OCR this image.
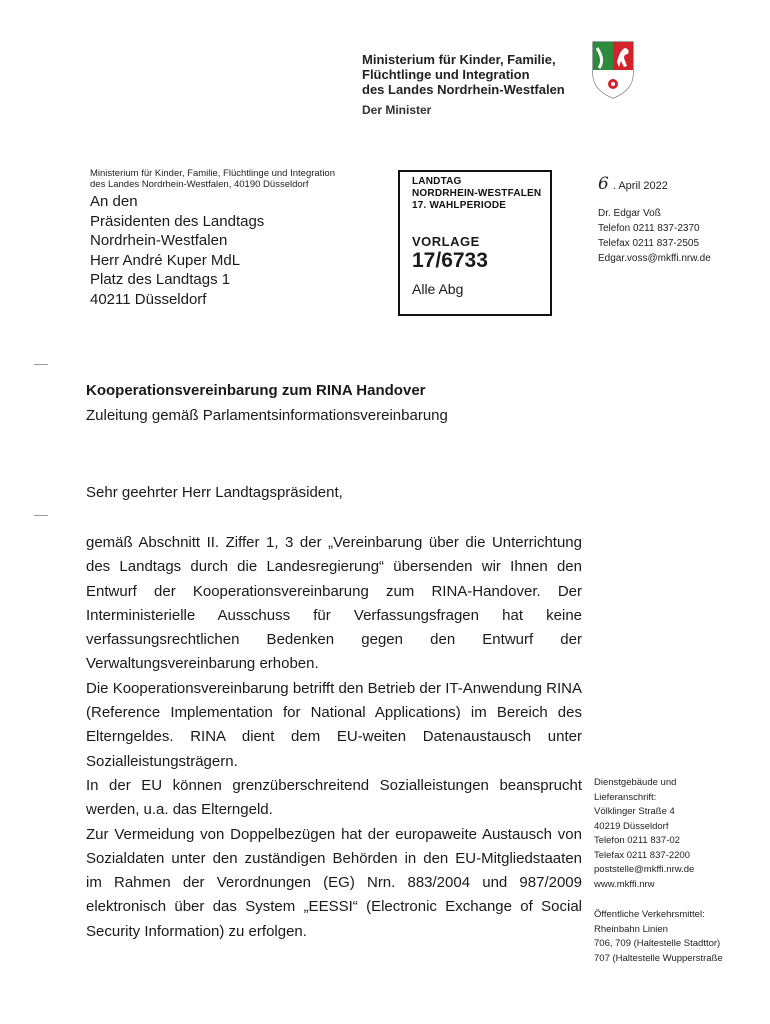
Ministerium für Kinder, Familie,
Flüchtlinge und Integration
des Landes Nordrhein-Westfalen
Der Minister
Ministerium für Kinder, Familie, Flüchtlinge und Integration
des Landes Nordrhein-Westfalen, 40190 Düsseldorf
An den
Präsidenten des Landtags
Nordrhein-Westfalen
Herr André Kuper MdL
Platz des Landtags 1
40211 Düsseldorf
LANDTAG
NORDRHEIN-WESTFALEN
17. WAHLPERIODE
VORLAGE
17/6733
Alle Abg
6 . April 2022
Dr. Edgar Voß
Telefon 0211 837-2370
Telefax 0211 837-2505
Edgar.voss@mkffi.nrw.de
Kooperationsvereinbarung zum RINA Handover
Zuleitung gemäß Parlamentsinformationsvereinbarung
Sehr geehrter Herr Landtagspräsident,

gemäß Abschnitt II. Ziffer 1, 3 der „Vereinbarung über die Unterrichtung des Landtags durch die Landesregierung“ übersenden wir Ihnen den Entwurf der Kooperationsvereinbarung zum RINA-Handover. Der Interministerielle Ausschuss für Verfassungsfragen hat keine verfassungsrechtlichen Bedenken gegen den Entwurf der Verwaltungsvereinbarung erhoben.

Die Kooperationsvereinbarung betrifft den Betrieb der IT-Anwendung RINA (Reference Implementation for National Applications) im Bereich des Elterngeldes. RINA dient dem EU-weiten Datenaustausch unter Sozialleistungsträgern.

In der EU können grenzüberschreitend Sozialleistungen beansprucht werden, u.a. das Elterngeld.

Zur Vermeidung von Doppelbezügen hat der europaweite Austausch von Sozialdaten unter den zuständigen Behörden in den EU-Mitgliedstaaten im Rahmen der Verordnungen (EG) Nrn. 883/2004 und 987/2009 elektronisch über das System „EESSI“ (Electronic Exchange of Social Security Information) zu erfolgen.

Dienstgebäude und
Lieferanschrift:
Völklinger Straße 4
40219 Düsseldorf
Telefon 0211 837-02
Telefax 0211 837-2200
poststelle@mkffi.nrw.de
www.mkffi.nrw
Öffentliche Verkehrsmittel:
Rheinbahn Linien
706, 709 (Haltestelle Stadttor)
707 (Haltestelle Wupperstraße
